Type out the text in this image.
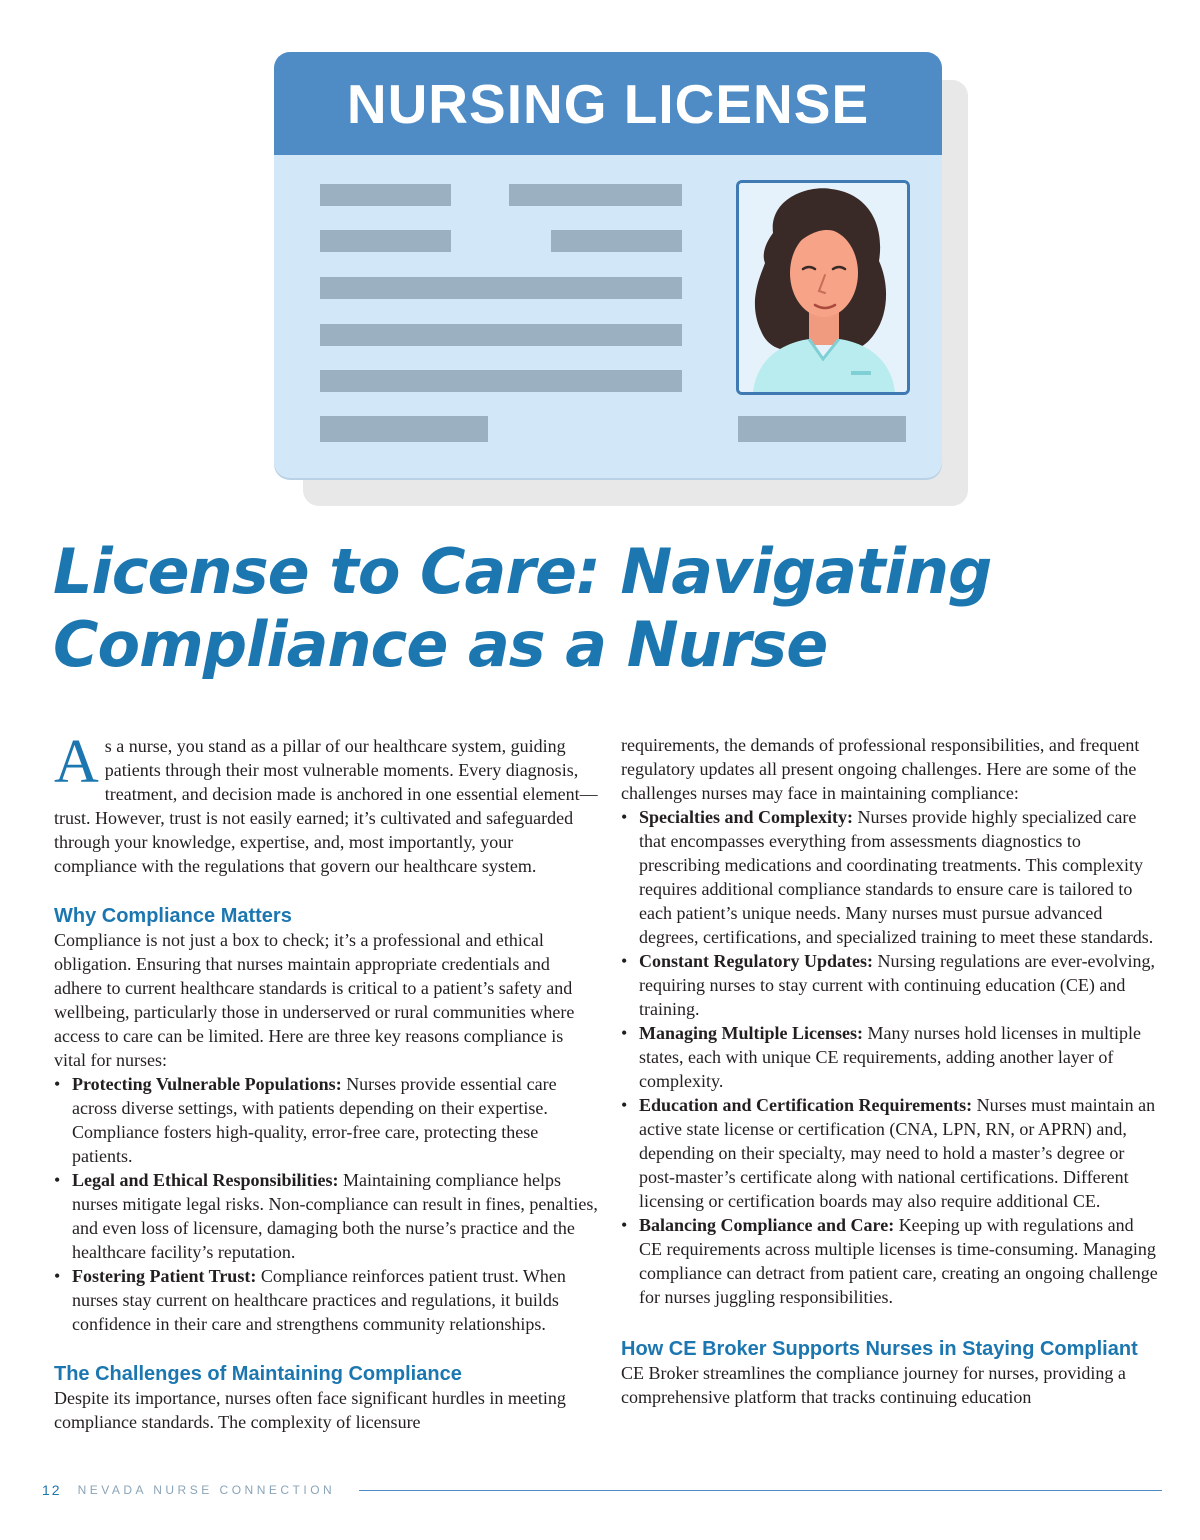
NURSING LICENSE
License to Care: Navigating
Compliance as a Nurse

As a nurse, you stand as a pillar of our healthcare system, guiding patients through their most vulnerable moments. Every diagnosis, treatment, and decision made is anchored in one essential element—trust. However, trust is not easily earned; it’s cultivated and safeguarded through your knowledge, expertise, and, most importantly, your compliance with the regulations that govern our healthcare system.

Why Compliance Matters

Compliance is not just a box to check; it’s a professional and ethical obligation. Ensuring that nurses maintain appropriate credentials and adhere to current healthcare standards is critical to a patient’s safety and wellbeing, particularly those in underserved or rural communities where access to care can be limited. Here are three key reasons compliance is vital for nurses:

• Protecting Vulnerable Populations: Nurses provide essential care across diverse settings, with patients depending on their expertise. Compliance fosters high-quality, error-free care, protecting these patients.
• Legal and Ethical Responsibilities: Maintaining compliance helps nurses mitigate legal risks. Non-compliance can result in fines, penalties, and even loss of licensure, damaging both the nurse’s practice and the healthcare facility’s reputation.
• Fostering Patient Trust: Compliance reinforces patient trust. When nurses stay current on healthcare practices and regulations, it builds confidence in their care and strengthens community relationships.
The Challenges of Maintaining Compliance

Despite its importance, nurses often face significant hurdles in meeting compliance standards. The complexity of licensure

requirements, the demands of professional responsibilities, and frequent regulatory updates all present ongoing challenges. Here are some of the challenges nurses may face in maintaining compliance:

• Specialties and Complexity: Nurses provide highly specialized care that encompasses everything from assessments diagnostics to prescribing medications and coordinating treatments. This complexity requires additional compliance standards to ensure care is tailored to each patient’s unique needs. Many nurses must pursue advanced degrees, certifications, and specialized training to meet these standards.
• Constant Regulatory Updates: Nursing regulations are ever-evolving, requiring nurses to stay current with continuing education (CE) and training.
• Managing Multiple Licenses: Many nurses hold licenses in multiple states, each with unique CE requirements, adding another layer of complexity.
• Education and Certification Requirements: Nurses must maintain an active state license or certification (CNA, LPN, RN, or APRN) and, depending on their specialty, may need to hold a master’s degree or post-master’s certificate along with national certifications. Different licensing or certification boards may also require additional CE.
• Balancing Compliance and Care: Keeping up with regulations and CE requirements across multiple licenses is time-consuming. Managing compliance can detract from patient care, creating an ongoing challenge for nurses juggling responsibilities.
How CE Broker Supports Nurses in Staying Compliant

CE Broker streamlines the compliance journey for nurses, providing a comprehensive platform that tracks continuing education

12 NEVADA NURSE CONNECTION
